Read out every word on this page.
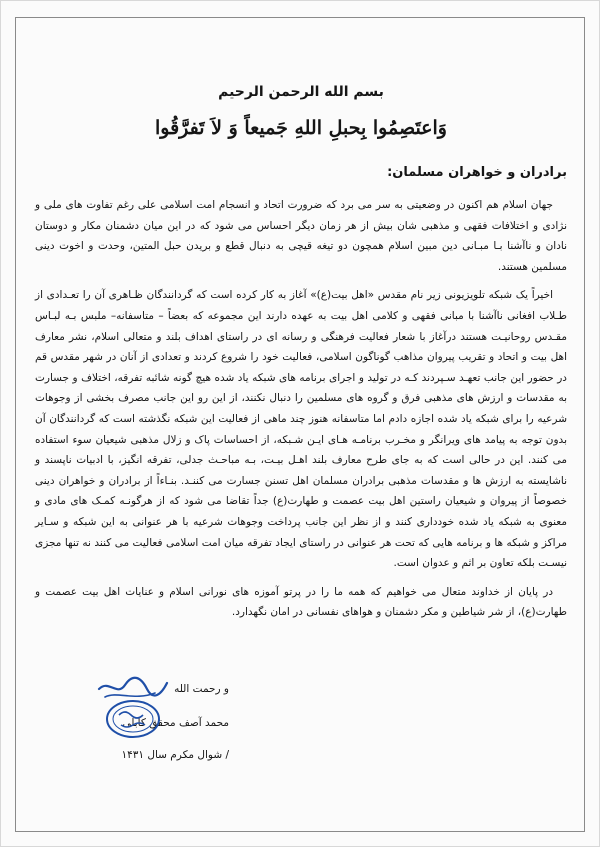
بسم الله الرحمن الرحیم
وَاعتَصِمُوا بِحبلِ اللهِ جَمیعاً وَ لاَ تَفرَّقُوا
برادران و خواهران مسلمان:

جهان اسلام هم اکنون در وضعیتی به سر می برد که ضرورت اتحاد و انسجام امت اسلامی علی رغم تفاوت های ملی و نژادی و اختلافات فقهی و مذهبی شان بیش از هر زمان دیگر احساس می شود که در این میان دشمنان مکار و دوستان نادان و ناآشنا بـا مبـانی دین مبین اسلام همچون دو تیغه قیچی به دنبال قطع و بریدن حبل المتین، وحدت و اخوت دینی مسلمین هستند.

اخیراً یک شبکه تلویزیونی زیر نام مقدس «اهل بیت(ع)» آغاز به کار کرده است که گردانندگان ظـاهری آن را تعـدادی از طـلاب افغانی ناآشنا با مبانی فقهی و کلامی اهل بیت به عهده دارند این مجموعه که بعضاً – متاسفانه– ملبس بـه لبـاس مقـدس روحانیـت هستند درآغاز با شعار فعالیت فرهنگی و رسانه ای در راستای اهداف بلند و متعالی اسلام، نشر معارف اهل بیت و اتحاد و تقریب پیروان مذاهب گوناگون اسلامی، فعالیت خود را شروع کردند و تعدادی از آنان در شهر مقدس قم در حضور این جانب تعهـد سـپردند کـه در تولید و اجرای برنامه های شبکه یاد شده هیچ گونه شائبه تفرقه، اختلاف و جسارت به مقدسات و ارزش های مذهبی فرق و گروه های مسلمین را دنبال نکنند، از این رو این جانب مصرف بخشی از وجوهات شرعیه را برای شبکه یاد شده اجازه دادم اما متاسفانه هنوز چند ماهی از فعالیت این شبکه نگذشته است که گردانندگان آن بدون توجه به پیامد های ویرانگر و مخـرب برنامـه هـای ایـن شـبکه، از احساسات پاک و زلال مذهبی شیعیان سوء استفاده می کنند. این در حالی است که به جای طرح معارف بلند اهـل بیـت، بـه مباحـث جدلی، تفرقه انگیز، با ادبیات ناپسند و ناشایسته به ارزش ها و مقدسات مذهبی برادران مسلمان اهل تسنن جسارت می کننـد. بنـاءاً از برادران و خواهران دینی خصوصاً از پیروان و شیعیان راستین اهل بیت عصمت و طهارت(ع) جداً تقاضا می شود که از هرگونـه کمـک های مادی و معنوی به شبکه یاد شده خودداری کنند و از نظر این جانب پرداخت وجوهات شرعیه با هر عنوانی به این شبکه و سـایر مراکز و شبکه ها و برنامه هایی که تحت هر عنوانی در راستای ایجاد تفرقه میان امت اسلامی فعالیت می کنند نه تنها مجزی نیسـت بلکه تعاون بر اثم و عدوان است.

در پایان از خداوند متعال می خواهیم که همه ما را در پرتو آموزه های نورانی اسلام و عنایات اهل بیت عصمت و طهارت(ع)، از شر شیاطین و مکر دشمنان و هواهای نفسانی در امان نگهدارد.

و رحمت الله
محمد آصف محقق کابلی
/ شوال مکرم سال ۱۴۳۱
